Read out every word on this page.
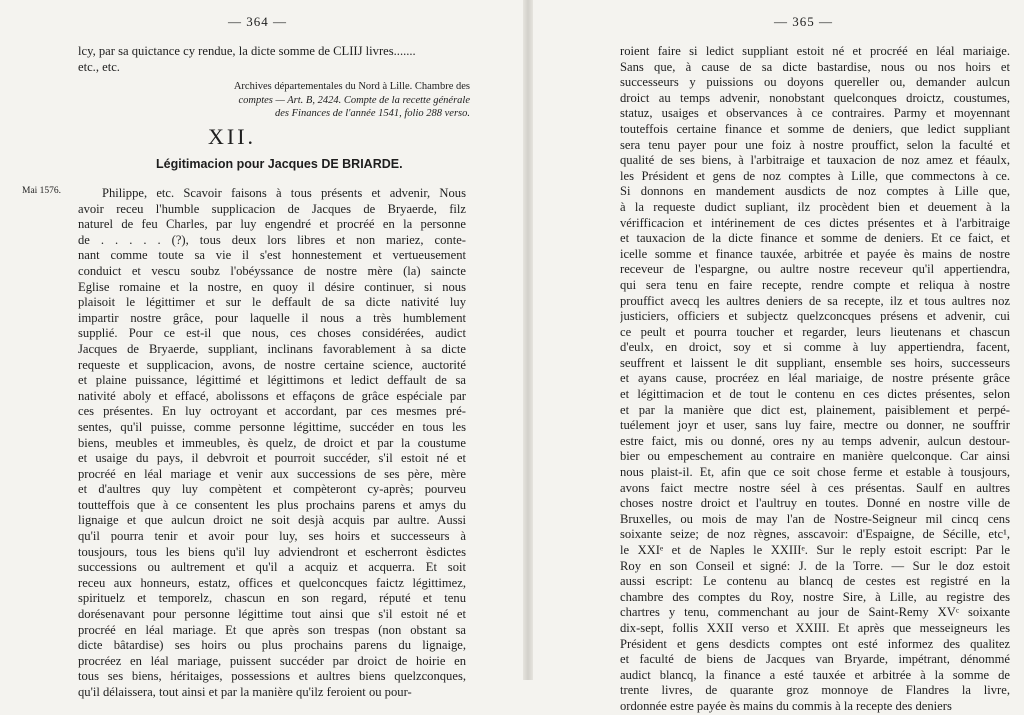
— 364 —
lcy, par sa quictance cy rendue, la dicte somme de CLIIJ livres.......
etc., etc.
Archives départementales du Nord à Lille. Chambre des
comptes — Art. B, 2424. Compte de la recette générale
des Finances de l'année 1541, folio 288 verso.
XII.
Légitimacion pour Jacques DE BRIARDE.
Mai 1576.	Philippe, etc. Scavoir faisons à tous présents et advenir, Nous
avoir receu l'humble supplicacion de Jacques de Bryaerde, filz
naturel de feu Charles, par luy engendré et procréé en la personne
de . . . . . (?), tous deux lors libres et non mariez, conte-
nant comme toute sa vie il s'est honnestement et vertueusement
conduict et vescu soubz l'obéyssance de nostre mère (la) saincte
Eglise romaine et la nostre, en quoy il désire continuer, si nous
plaisoit le légittimer et sur le deffault de sa dicte nativité luy
impartir nostre grâce, pour laquelle il nous a très humblement
supplié. Pour ce est-il que nous, ces choses considérées, audict
Jacques de Bryaerde, suppliant, inclinans favorablement à sa dicte
requeste et supplicacion, avons, de nostre certaine science, auctorité
et plaine puissance, légittimé et légittimons et ledict deffault de sa
nativité aboly et effacé, abolissons et effaçons de grâce espéciale par
ces présentes. En luy octroyant et accordant, par ces mesmes pré-
sentes, qu'il puisse, comme personne légittime, succéder en tous les
biens, meubles et immeubles, ès quelz, de droict et par la coustume
et usaige du pays, il debvroit et pourroit succéder, s'il estoit né et
procréé en léal mariage et venir aux successions de ses père, mère
et d'aultres quy luy compètent et compèteront cy-après; pourveu
toutteffois que à ce consentent les plus prochains parens et amys du
lignaige et que aulcun droict ne soit desjà acquis par aultre. Aussi
qu'il pourra tenir et avoir pour luy, ses hoirs et successeurs à
tousjours, tous les biens qu'il luy adviendront et escherront èsdictes
successions ou aultrement et qu'il a acquiz et acquerra. Et soit
receu aux honneurs, estatz, offices et quelconcques faictz légittimez,
spirituelz et temporelz, chascun en son regard, réputé et tenu
dorésenavant pour personne légittime tout ainsi que s'il estoit né et
procréé en léal mariage. Et que après son trespas (non obstant sa
dicte bâtardise) ses hoirs ou plus prochains parens du lignaige,
procréez en léal mariage, puissent succéder par droict de hoirie en
tous ses biens, héritaiges, possessions et aultres biens quelzconques,
qu'il délaissera, tout ainsi et par la manière qu'ilz feroient ou pour-
— 365 —
roient faire si ledict suppliant estoit né et procréé en léal mariaige.
Sans que, à cause de sa dicte bastardise, nous ou nos hoirs et
successeurs y puissions ou doyons quereller ou, demander aulcun
droict au temps advenir, nonobstant quelconques droictz, coustumes,
statuz, usaiges et observances à ce contraires. Parmy et moyennant
touteffois certaine finance et somme de deniers, que ledict suppliant
sera tenu payer pour une foiz à nostre prouffict, selon la faculté et
qualité de ses biens, à l'arbitraige et tauxacion de noz amez et féaulx,
les Président et gens de noz comptes à Lille, que commectons à ce.
Si donnons en mandement ausdicts de noz comptes à Lille que,
à la requeste dudict supliant, ilz procèdent bien et deuement à la
vérifficacion et intérinement de ces dictes présentes et à l'arbitraige
et tauxacion de la dicte finance et somme de deniers. Et ce faict, et
icelle somme et finance tauxée, arbitrée et payée ès mains de nostre
receveur de l'espargne, ou aultre nostre receveur qu'il appertiendra,
qui sera tenu en faire recepte, rendre compte et reliqua à nostre
prouffict avecq les aultres deniers de sa recepte, ilz et tous aultres noz
justiciers, officiers et subjectz quelzconcques présens et advenir, cui
ce peult et pourra toucher et regarder, leurs lieutenans et chascun
d'eulx, en droict, soy et si comme à luy appertiendra, facent,
seuffrent et laissent le dit suppliant, ensemble ses hoirs, successeurs
et ayans cause, procréez en léal mariaige, de nostre présente grâce
et légittimacion et de tout le contenu en ces dictes présentes, selon
et par la manière que dict est, plainement, paisiblement et perpé-
tuélement joyr et user, sans luy faire, mectre ou donner, ne souffrir
estre faict, mis ou donné, ores ny au temps advenir, aulcun destour-
bier ou empeschement au contraire en manière quelconque. Car ainsi
nous plaist-il. Et, afin que ce soit chose ferme et estable à tousjours,
avons faict mectre nostre séel à ces présentas. Saulf en aultres
choses nostre droict et l'aultruy en toutes. Donné en nostre ville de
Bruxelles, ou mois de may l'an de Nostre-Seigneur mil cincq cens
soixante seize; de noz règnes, asscavoir: d'Espaigne, de Sécille, etc¹,
le XXIᵉ et de Naples le XXIIIᵉ. Sur le reply estoit escript: Par le
Roy en son Conseil et signé: J. de la Torre. — Sur le doz estoit
aussi escript: Le contenu au blancq de cestes est registré en la
chambre des comptes du Roy, nostre Sire, à Lille, au registre des
chartres y tenu, commenchant au jour de Saint-Remy XVᶜ soixante
dix-sept, follis XXII verso et XXIII. Et après que messeigneurs les
Président et gens desdicts comptes ont esté informez des qualitez
et faculté de biens de Jacques van Bryarde, impétrant, dénommé
audict blancq, la finance a esté tauxée et arbitrée à la somme de
trente livres, de quarante groz monnoye de Flandres la livre,
ordonnée estre payée ès mains du commis à la recepte des deniers
